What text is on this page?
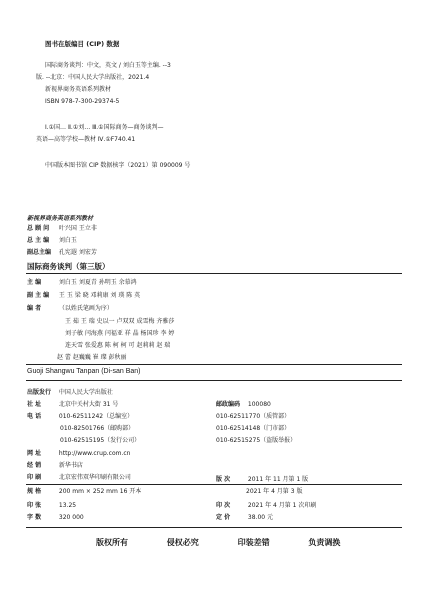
图书在版编目 (CIP) 数据
国际商务谈判：中文，英文 / 刘白玉等主编. --3
版. --北京：中国人民大学出版社，2021.4
新视界商务英语系列教材
ISBN 978-7-300-29374-5
Ⅰ.①国… Ⅱ.①刘… Ⅲ.①国际商务—商务谈判—
英语—高等学校—教材 Ⅳ.①F740.41
中国版本图书馆 CIP 数据核字（2021）第 090009 号
新视界商务英语系列教材
总 顾 问 叶兴国 王立非
总 主 编 刘白玉
副总主编 孔宪遐 刘宏芳
国际商务谈判（第三版）
主 编	刘白玉 刘夏青 孙明玉 余慕鸿
副 主 编 王 玉 梁 晓 邓莉康 刘 瑛 陈 英
编 者	（以姓氏笔画为序）
王 茹 王 瑞 史以一 卢双双 成雪梅 齐雅莎
刘子敏 闫海燕 闫福亚 祥 晶 杨国珍 李 婷
连天雪 张爱惠 陈 柯 柯 可 赵莉莉 赵 瑞
赵 蕾 赵巍巍 崔 璨 彭秋丽
Guoji Shangwu Tanpan (Di-san Ban)
出版发行 中国人民大学出版社
社 址	北京中关村大街 31 号	邮政编码 100080
电 话	010-62511242（总编室）	010-62511770（质管部）
010-82501766（邮购部）	010-62514148（门市部）
010-62515195（发行公司）	010-62515275（盗版举报）
网 址	http://www.crup.com.cn
经 销	新华书店
印 刷	北京宏伟双华印刷有限公司
规 格	200 mm × 252 mm 16 开本
版 次	2011 年 11 月第 1 版
2021 年 4 月第 3 版
印 张	13.25	印 次	2021 年 4 月第 1 次印刷
字 数	320 000	定 价	38.00 元
版权所有	侵权必究	印装差错	负责调换
